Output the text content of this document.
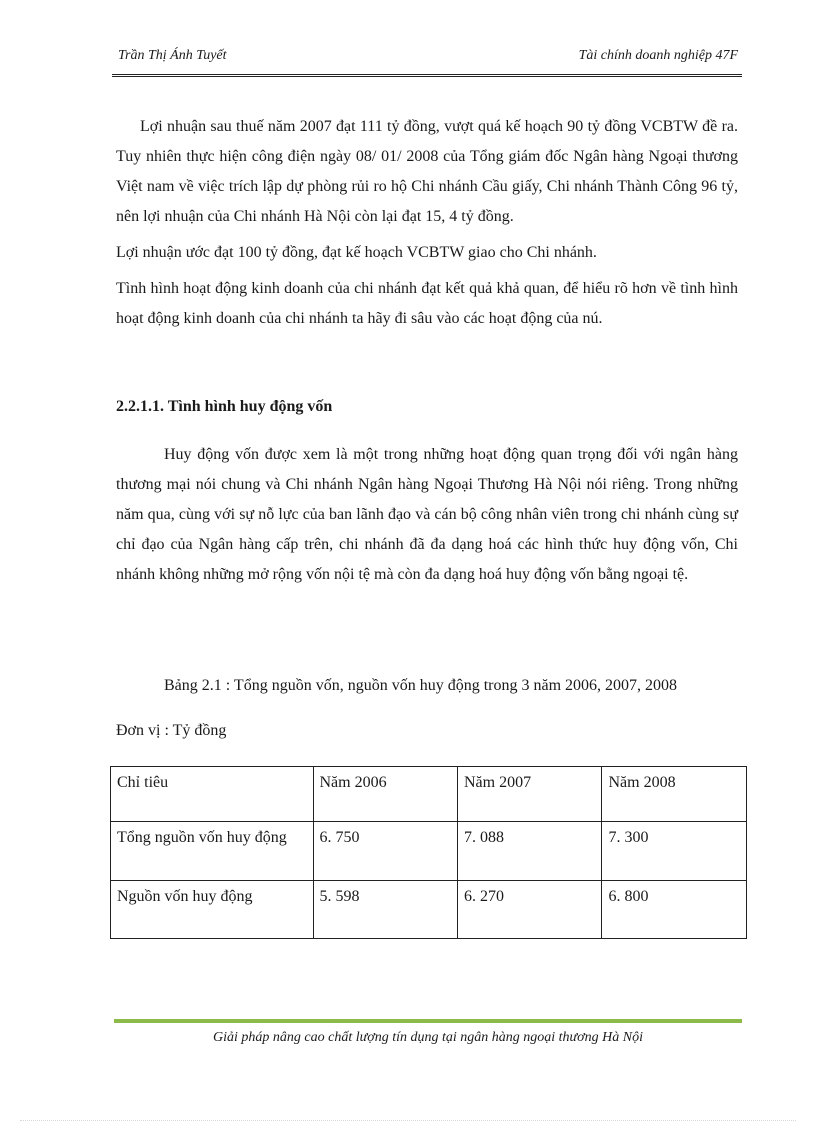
Trần Thị Ánh Tuyết	Tài chính doanh nghiệp 47F

Lợi nhuận sau thuế năm 2007 đạt 111 tỷ đồng, vượt quá kế hoạch 90 tỷ đồng VCBTW đề ra. Tuy nhiên thực hiện công điện ngày 08/ 01/ 2008 của Tổng giám đốc Ngân hàng Ngoại thương Việt nam về việc trích lập dự phòng rủi ro hộ Chi nhánh Cầu giấy, Chi nhánh Thành Công 96 tỷ, nên lợi nhuận của Chi nhánh Hà Nội còn lại đạt 15, 4 tỷ đồng.

Lợi nhuận ước đạt 100 tỷ đồng, đạt kế hoạch VCBTW giao cho Chi nhánh.

Tình hình hoạt động kinh doanh của chi nhánh đạt kết quả khả quan, để hiểu rõ hơn về tình hình hoạt động kinh doanh của chi nhánh ta hãy đi sâu vào các hoạt động của nú.

2.2.1.1. Tình hình huy động vốn

Huy động vốn được xem là một trong những hoạt động quan trọng đối với ngân hàng thương mại nói chung và Chi nhánh Ngân hàng Ngoại Thương Hà Nội nói riêng. Trong những năm qua, cùng với sự nỗ lực của ban lãnh đạo và cán bộ công nhân viên trong chi nhánh cùng sự chỉ đạo của Ngân hàng cấp trên, chi nhánh đã đa dạng hoá các hình thức huy động vốn, Chi nhánh không những mở rộng vốn nội tệ mà còn đa dạng hoá huy động vốn bằng ngoại tệ.

Bảng 2.1 : Tổng nguồn vốn, nguồn vốn huy động trong 3 năm 2006, 2007, 2008
Đơn vị : Tỷ đồng
Chỉ tiêu	Năm 2006	Năm 2007	Năm 2008
Tổng nguồn vốn huy động	6. 750	7. 088	7. 300
Nguồn vốn huy động	5. 598	6. 270	6. 800
Giải pháp nâng cao chất lượng tín dụng tại ngân hàng ngoại thương Hà Nội
